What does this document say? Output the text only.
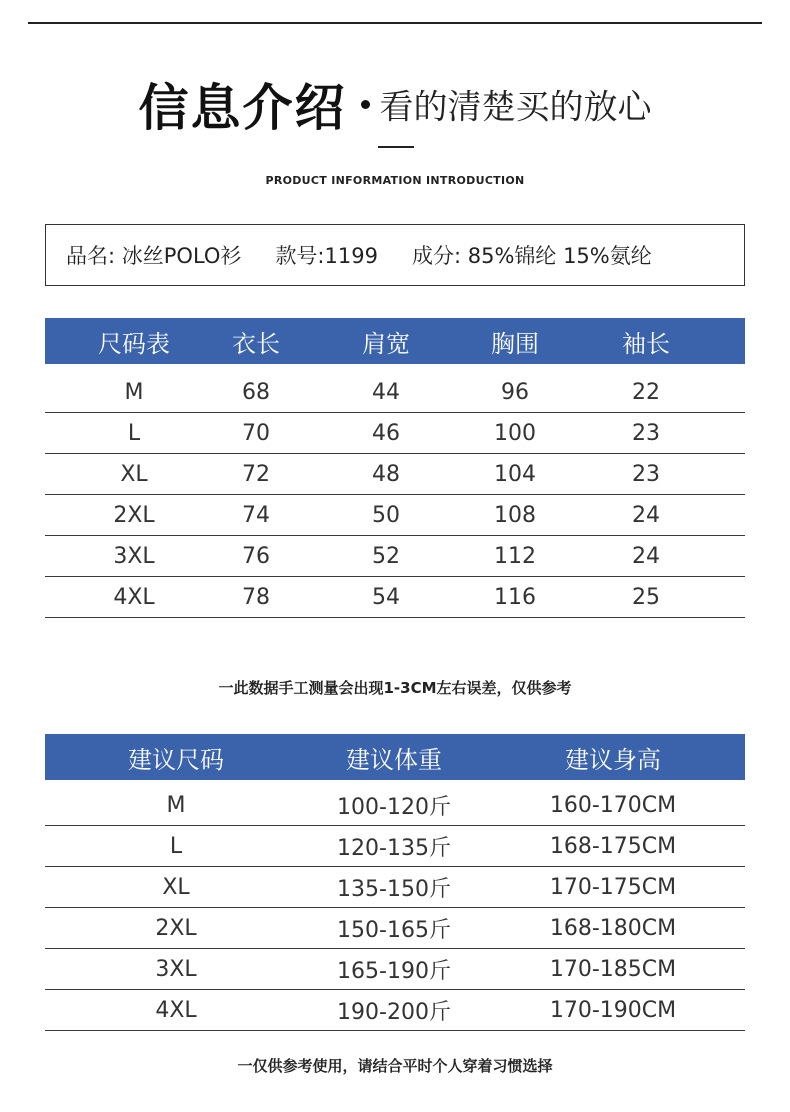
信息介绍 看的清楚买的放心
PRODUCT INFORMATION INTRODUCTION
品名: 冰丝POLO衫 款号:1199 成分: 85%锦纶 15%氨纶
尺码表	衣长	肩宽	胸围	袖长
M	68	44	96	22
L	70	46	100	23
XL	72	48	104	23
2XL	74	50	108	24
3XL	76	52	112	24
4XL	78	54	116	25
一此数据手工测量会出现1-3CM左右误差，仅供参考
建议尺码	建议体重	建议身高
M	100-120斤	160-170CM
L	120-135斤	168-175CM
XL	135-150斤	170-175CM
2XL	150-165斤	168-180CM
3XL	165-190斤	170-185CM
4XL	190-200斤	170-190CM
一仅供参考使用，请结合平时个人穿着习惯选择
